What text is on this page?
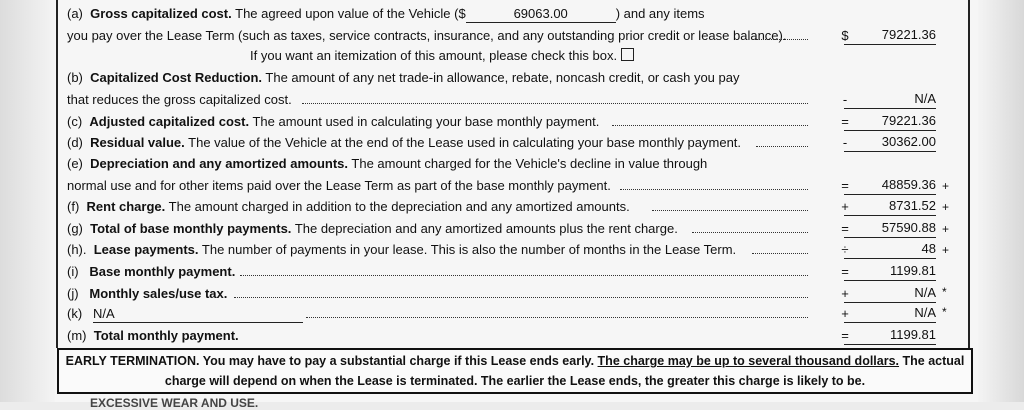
(a) Gross capitalized cost. The agreed upon value of the Vehicle ($	69063.00	) and any items
you pay over the Lease Term (such as taxes, service contracts, insurance, and any outstanding prior credit or lease balance).	$	79221.36
If you want an itemization of this amount, please check this box.
(b) Capitalized Cost Reduction. The amount of any net trade-in allowance, rebate, noncash credit, or cash you pay
that reduces the gross capitalized cost.	-	N/A
(c) Adjusted capitalized cost. The amount used in calculating your base monthly payment.	=	79221.36
(d) Residual value. The value of the Vehicle at the end of the Lease used in calculating your base monthly payment.	-	30362.00
(e) Depreciation and any amortized amounts. The amount charged for the Vehicle's decline in value through
normal use and for other items paid over the Lease Term as part of the base monthly payment.	=	48859.36 +
(f) Rent charge. The amount charged in addition to the depreciation and any amortized amounts.	+	8731.52 +
(g) Total of base monthly payments. The depreciation and any amortized amounts plus the rent charge.	=	57590.88 +
(h). Lease payments. The number of payments in your lease. This is also the number of months in the Lease Term.	÷	48 +
(i) Base monthly payment.	=	1199.81
(j) Monthly sales/use tax.	+	N/A *
(k) N/A	+	N/A *
(m) Total monthly payment.	=	1199.81
EARLY TERMINATION. You may have to pay a substantial charge if this Lease ends early. The charge may be up to several thousand dollars. The actual
charge will depend on when the Lease is terminated. The earlier the Lease ends, the greater this charge is likely to be.
EXCESSIVE WEAR AND USE.
